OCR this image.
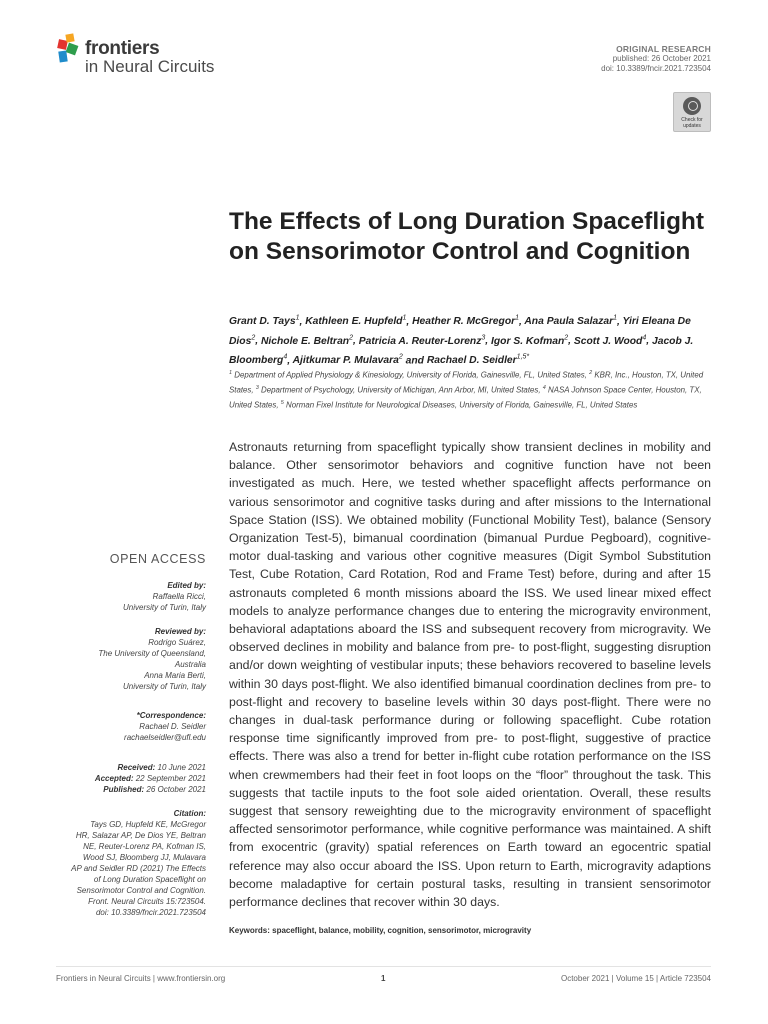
frontiers
in Neural Circuits
ORIGINAL RESEARCH
published: 26 October 2021
doi: 10.3389/fncir.2021.723504
Check for updates
The Effects of Long Duration Spaceflight on Sensorimotor Control and Cognition
Grant D. Tays$^1$, Kathleen E. Hupfeld$^1$, Heather R. McGregor$^1$, Ana Paula Salazar$^1$, Yiri Eleana De Dios$^2$, Nichole E. Beltran$^2$, Patricia A. Reuter-Lorenz$^3$, Igor S. Kofman$^2$, Scott J. Wood$^4$, Jacob J. Bloomberg$^4$, Ajitkumar P. Mulavara$^2$ and Rachael D. Seidler$^{1,5*}$
$^1$ Department of Applied Physiology & Kinesiology, University of Florida, Gainesville, FL, United States, $^2$ KBR, Inc., Houston, TX, United States, $^3$ Department of Psychology, University of Michigan, Ann Arbor, MI, United States, $^4$ NASA Johnson Space Center, Houston, TX, United States, $^5$ Norman Fixel Institute for Neurological Diseases, University of Florida, Gainesville, FL, United States

Astronauts returning from spaceflight typically show transient declines in mobility and balance. Other sensorimotor behaviors and cognitive function have not been investigated as much. Here, we tested whether spaceflight affects performance on various sensorimotor and cognitive tasks during and after missions to the International Space Station (ISS). We obtained mobility (Functional Mobility Test), balance (Sensory Organization Test-5), bimanual coordination (bimanual Purdue Pegboard), cognitive-motor dual-tasking and various other cognitive measures (Digit Symbol Substitution Test, Cube Rotation, Card Rotation, Rod and Frame Test) before, during and after 15 astronauts completed 6 month missions aboard the ISS. We used linear mixed effect models to analyze performance changes due to entering the microgravity environment, behavioral adaptations aboard the ISS and subsequent recovery from microgravity. We observed declines in mobility and balance from pre- to post-flight, suggesting disruption and/or down weighting of vestibular inputs; these behaviors recovered to baseline levels within 30 days post-flight. We also identified bimanual coordination declines from pre- to post-flight and recovery to baseline levels within 30 days post-flight. There were no changes in dual-task performance during or following spaceflight. Cube rotation response time significantly improved from pre- to post-flight, suggestive of practice effects. There was also a trend for better in-flight cube rotation performance on the ISS when crewmembers had their feet in foot loops on the “floor” throughout the task. This suggests that tactile inputs to the foot sole aided orientation. Overall, these results suggest that sensory reweighting due to the microgravity environment of spaceflight affected sensorimotor performance, while cognitive performance was maintained. A shift from exocentric (gravity) spatial references on Earth toward an egocentric spatial reference may also occur aboard the ISS. Upon return to Earth, microgravity adaptions become maladaptive for certain postural tasks, resulting in transient sensorimotor performance declines that recover within 30 days.

Keywords: spaceflight, balance, mobility, cognition, sensorimotor, microgravity
OPEN ACCESS
Edited by:
Raffaella Ricci,
University of Turin, Italy
Reviewed by:
Rodrigo Suárez,
The University of Queensland,
Australia
Anna Maria Berti,
University of Turin, Italy
*Correspondence:
Rachael D. Seidler
rachaelseidler@ufl.edu
Received: 10 June 2021
Accepted: 22 September 2021
Published: 26 October 2021
Citation:
Tays GD, Hupfeld KE, McGregor
HR, Salazar AP, De Dios YE, Beltran
NE, Reuter-Lorenz PA, Kofman IS,
Wood SJ, Bloomberg JJ, Mulavara
AP and Seidler RD (2021) The Effects
of Long Duration Spaceflight on
Sensorimotor Control and Cognition.
Front. Neural Circuits 15:723504.
doi: 10.3389/fncir.2021.723504
Frontiers in Neural Circuits | www.frontiersin.org	1	October 2021 | Volume 15 | Article 723504
